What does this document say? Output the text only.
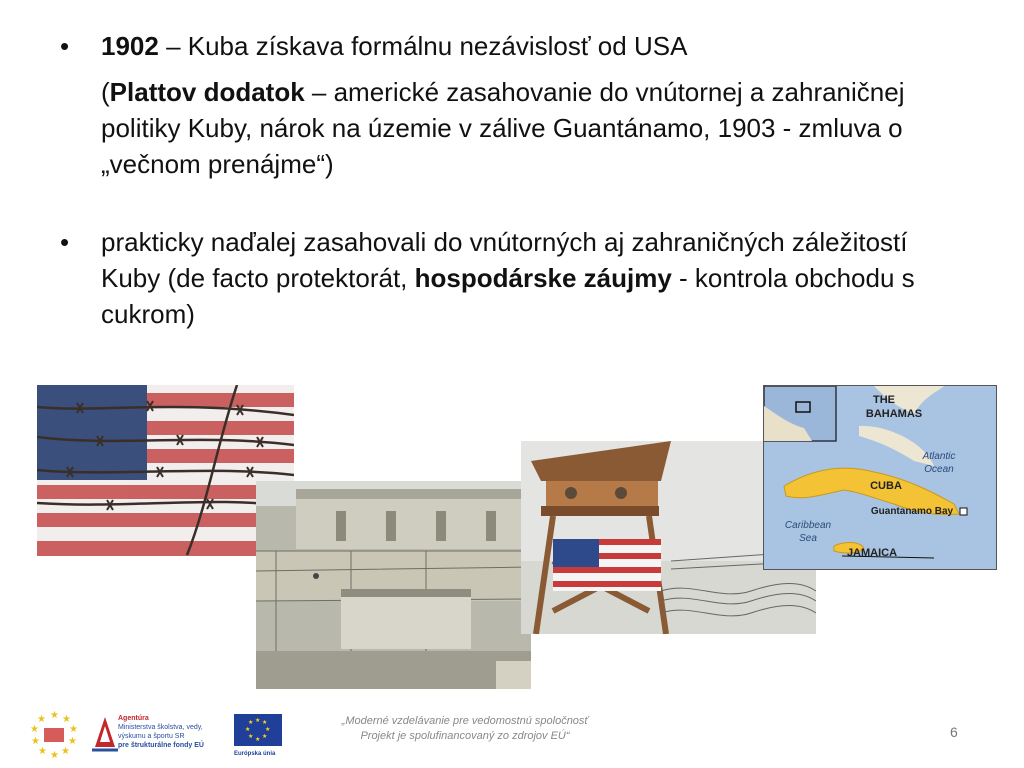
• 1902 – Kuba získava formálnu nezávislosť od USA
(Plattov dodatok – americké zasahovanie do vnútornej a zahraničnej politiky Kuby, nárok na územie v zálive Guantánamo, 1903 - zmluva o „večnom prenájme“)
• prakticky naďalej zasahovali do vnútorných aj zahraničných záležitostí Kuby (de facto protektorát, hospodárske záujmy - kontrola obchodu s cukrom)
THE
BAHAMAS
Atlantic
Ocean
CUBA
Guantanamo Bay
Caribbean
Sea
JAMAICA
★ ★
★
★
★
★
★
★
★
★	Agentúra
Ministerstva školstva, vedy, výskumu a športu SR
pre štrukturálne fondy EÚ
★ ★
★
★
★
★
★
★
Európska únia
„Moderné vzdelávanie pre vedomostnú spoločnosť
Projekt je spolufinancovaný zo zdrojov EÚ“	6
